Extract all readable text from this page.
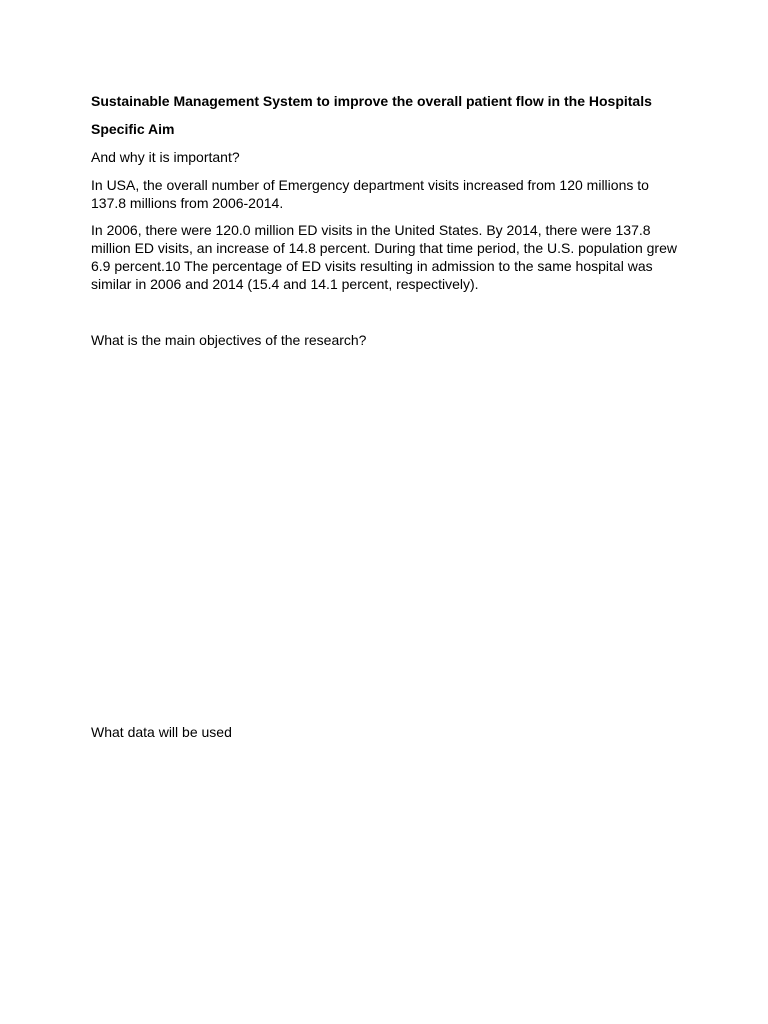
Sustainable Management System to improve the overall patient flow in the Hospitals

Specific Aim

And why it is important?

In USA, the overall number of Emergency department visits increased from 120 millions to
137.8 millions from 2006-2014.

In 2006, there were 120.0 million ED visits in the United States. By 2014, there were 137.8
million ED visits, an increase of 14.8 percent. During that time period, the U.S. population grew
6.9 percent.10 The percentage of ED visits resulting in admission to the same hospital was
similar in 2006 and 2014 (15.4 and 14.1 percent, respectively).

What is the main objectives of the research?

What data will be used
